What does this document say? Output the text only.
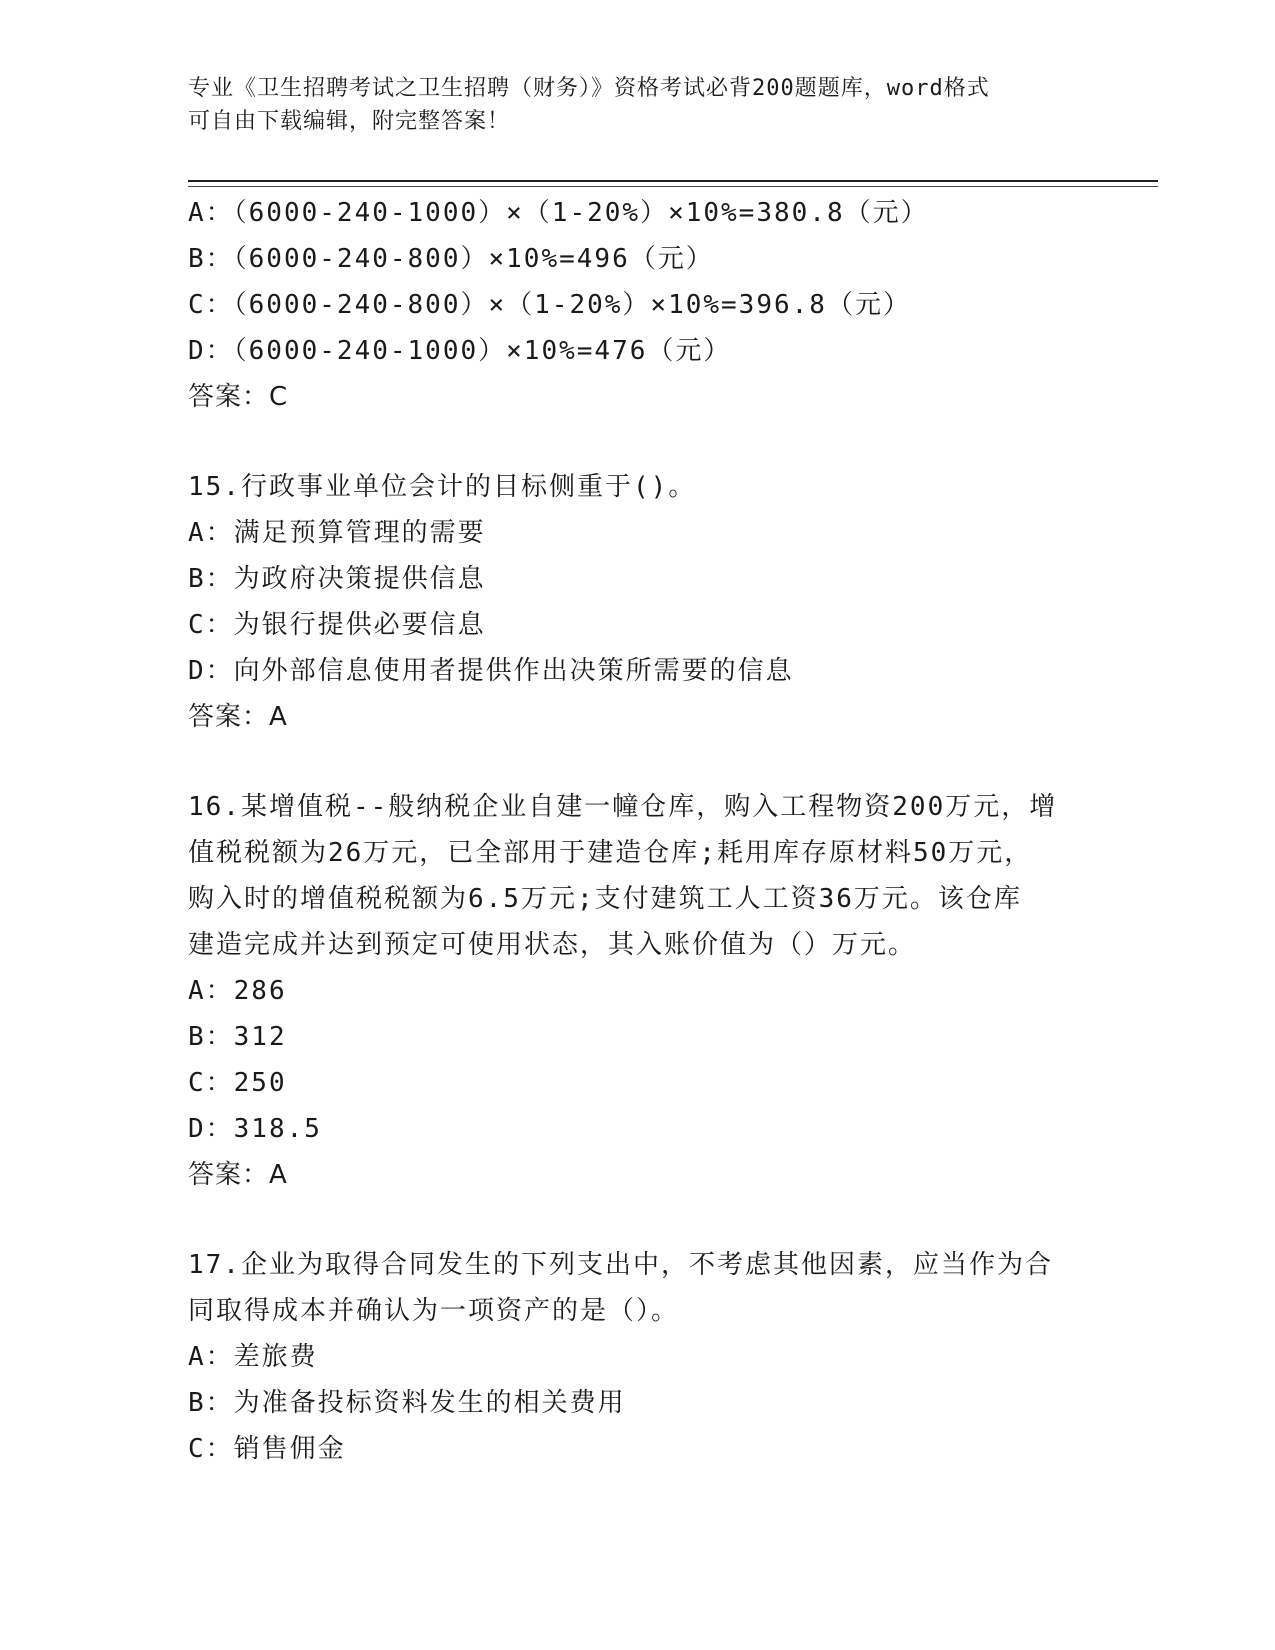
专业《卫生招聘考试之卫生招聘（财务）》资格考试必背200题题库，word格式
可自由下载编辑，附完整答案！
A：（6000-240-1000）×（1-20%）×10%=380.8（元）
B：（6000-240-800）×10%=496（元）
C：（6000-240-800）×（1-20%）×10%=396.8（元）
D：（6000-240-1000）×10%=476（元）
答案：C
15.行政事业单位会计的目标侧重于()。
A：满足预算管理的需要
B：为政府决策提供信息
C：为银行提供必要信息
D：向外部信息使用者提供作出决策所需要的信息
答案：A
16.某增值税--般纳税企业自建一幢仓库，购入工程物资200万元，增
值税税额为26万元，已全部用于建造仓库;耗用库存原材料50万元，
购入时的增值税税额为6.5万元;支付建筑工人工资36万元。该仓库
建造完成并达到预定可使用状态，其入账价值为（）万元。
A：286
B：312
C：250
D：318.5
答案：A
17.企业为取得合同发生的下列支出中，不考虑其他因素，应当作为合
同取得成本并确认为一项资产的是（）。
A：差旅费
B：为准备投标资料发生的相关费用
C：销售佣金
